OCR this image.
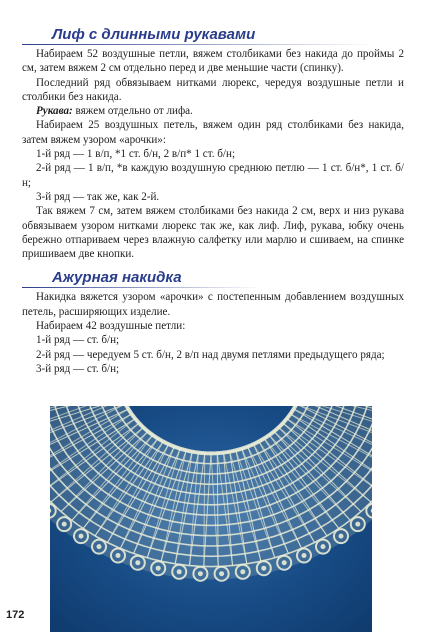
Лиф с длинными рукавами

Набираем 52 воздушные петли, вяжем столбиками без накида до проймы 2 см, затем вяжем 2 см отдельно перед и две меньшие части (спинку).

Последний ряд обвязываем нитками люрекс, чередуя воздушные петли и столбики без накида.

Рукава: вяжем отдельно от лифа.

Набираем 25 воздушных петель, вяжем один ряд столбиками без накида, затем вяжем узором «арочки»:

1-й ряд — 1 в/п, *1 ст. б/н, 2 в/п* 1 ст. б/н;

2-й ряд — 1 в/п, *в каждую воздушную среднюю петлю — 1 ст. б/н*, 1 ст. б/н;

3-й ряд — так же, как 2-й.

Так вяжем 7 см, затем вяжем столбиками без накида 2 см, верх и низ рукава обвязываем узором нитками люрекс так же, как лиф. Лиф, рукава, юбку очень бережно отпариваем через влажную салфетку или марлю и сшиваем, на спинке пришиваем две кнопки.

Ажурная накидка

Накидка вяжется узором «арочки» с постепенным добавлением воздушных петель, расширяющих изделие.

Набираем 42 воздушные петли:

1-й ряд — ст. б/н;

2-й ряд — чередуем 5 ст. б/н, 2 в/п над двумя петлями предыдущего ряда;

3-й ряд — ст. б/н;

172
